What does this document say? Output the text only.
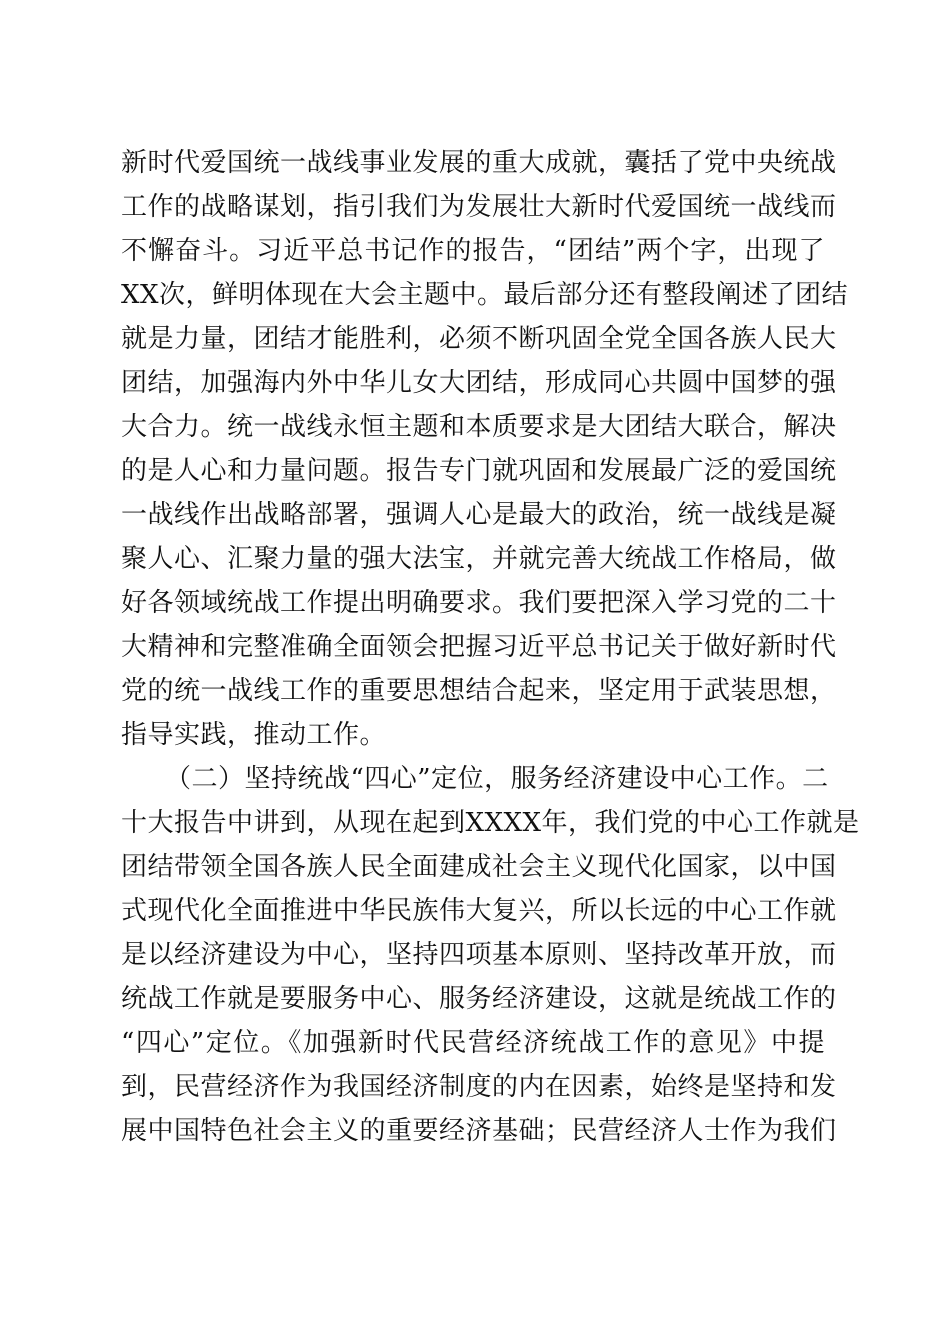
新时代爱国统一战线事业发展的重大成就，囊括了党中央统战
工作的战略谋划，指引我们为发展壮大新时代爱国统一战线而
不懈奋斗。习近平总书记作的报告，“团结”两个字，出现了
XX次，鲜明体现在大会主题中。最后部分还有整段阐述了团结
就是力量，团结才能胜利，必须不断巩固全党全国各族人民大
团结，加强海内外中华儿女大团结，形成同心共圆中国梦的强
大合力。统一战线永恒主题和本质要求是大团结大联合，解决
的是人心和力量问题。报告专门就巩固和发展最广泛的爱国统
一战线作出战略部署，强调人心是最大的政治，统一战线是凝
聚人心、汇聚力量的强大法宝，并就完善大统战工作格局，做
好各领域统战工作提出明确要求。我们要把深入学习党的二十
大精神和完整准确全面领会把握习近平总书记关于做好新时代
党的统一战线工作的重要思想结合起来，坚定用于武装思想，
指导实践，推动工作。
（二）坚持统战“四心”定位，服务经济建设中心工作。二
十大报告中讲到，从现在起到XXXX年，我们党的中心工作就是
团结带领全国各族人民全面建成社会主义现代化国家，以中国
式现代化全面推进中华民族伟大复兴，所以长远的中心工作就
是以经济建设为中心，坚持四项基本原则、坚持改革开放，而
统战工作就是要服务中心、服务经济建设，这就是统战工作的
“四心”定位。《加强新时代民营经济统战工作的意见》中提
到，民营经济作为我国经济制度的内在因素，始终是坚持和发
展中国特色社会主义的重要经济基础；民营经济人士作为我们
